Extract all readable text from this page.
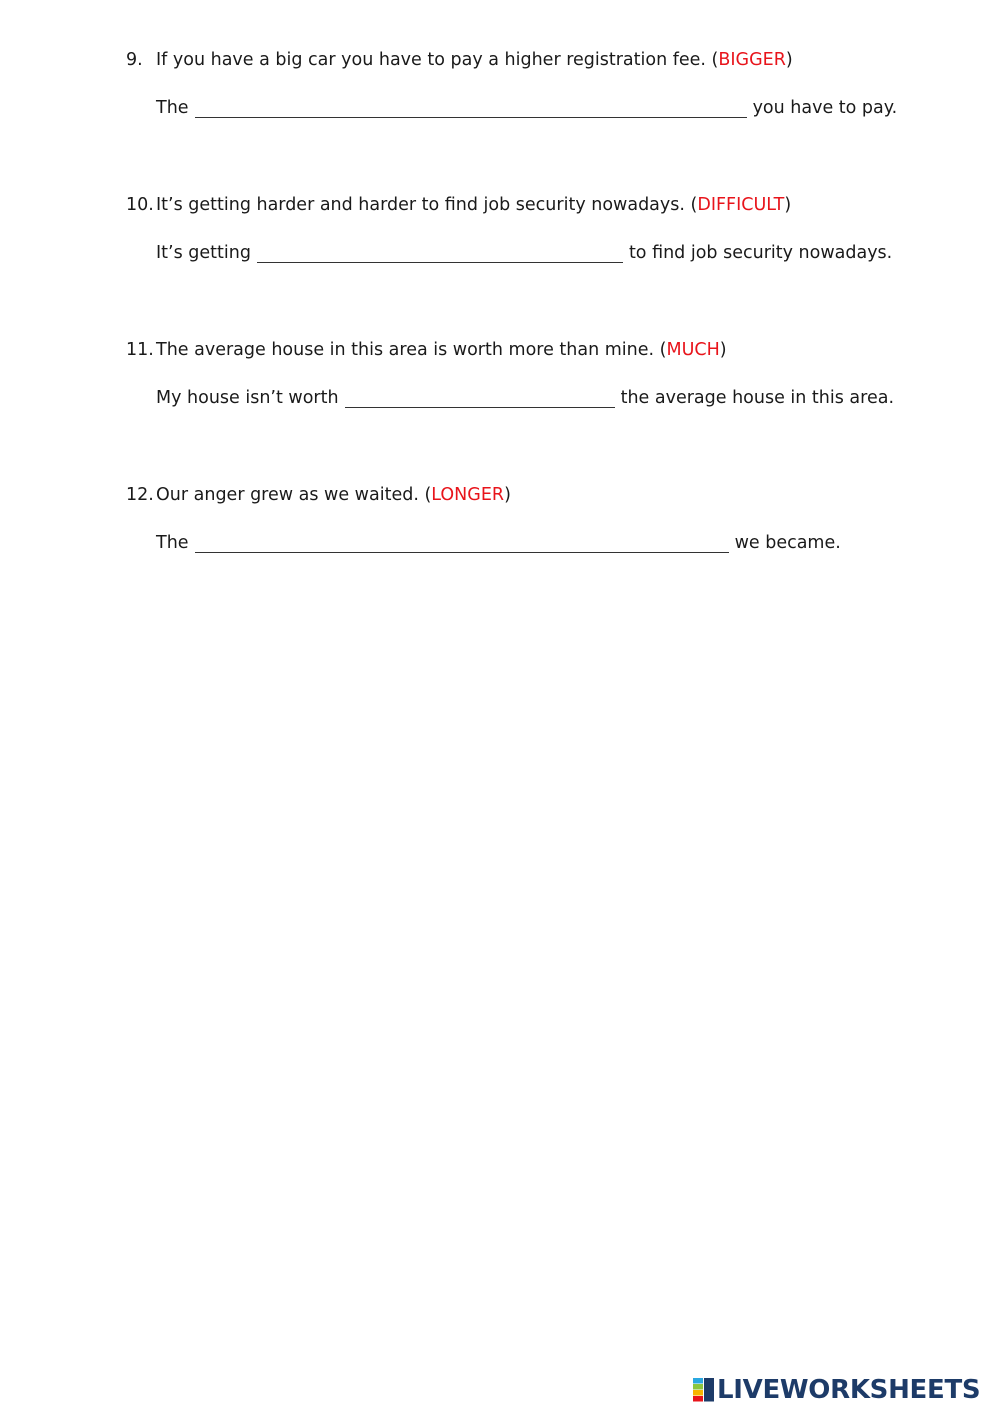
9. If you have a big car you have to pay a higher registration fee. (BIGGER)
The	you have to pay.
10. It’s getting harder and harder to find job security nowadays. (DIFFICULT)
It’s getting	to find job security nowadays.
11. The average house in this area is worth more than mine. (MUCH)
My house isn’t worth	the average house in this area.
12. Our anger grew as we waited. (LONGER)
The	we became.
LIVEWORKSHEETS
